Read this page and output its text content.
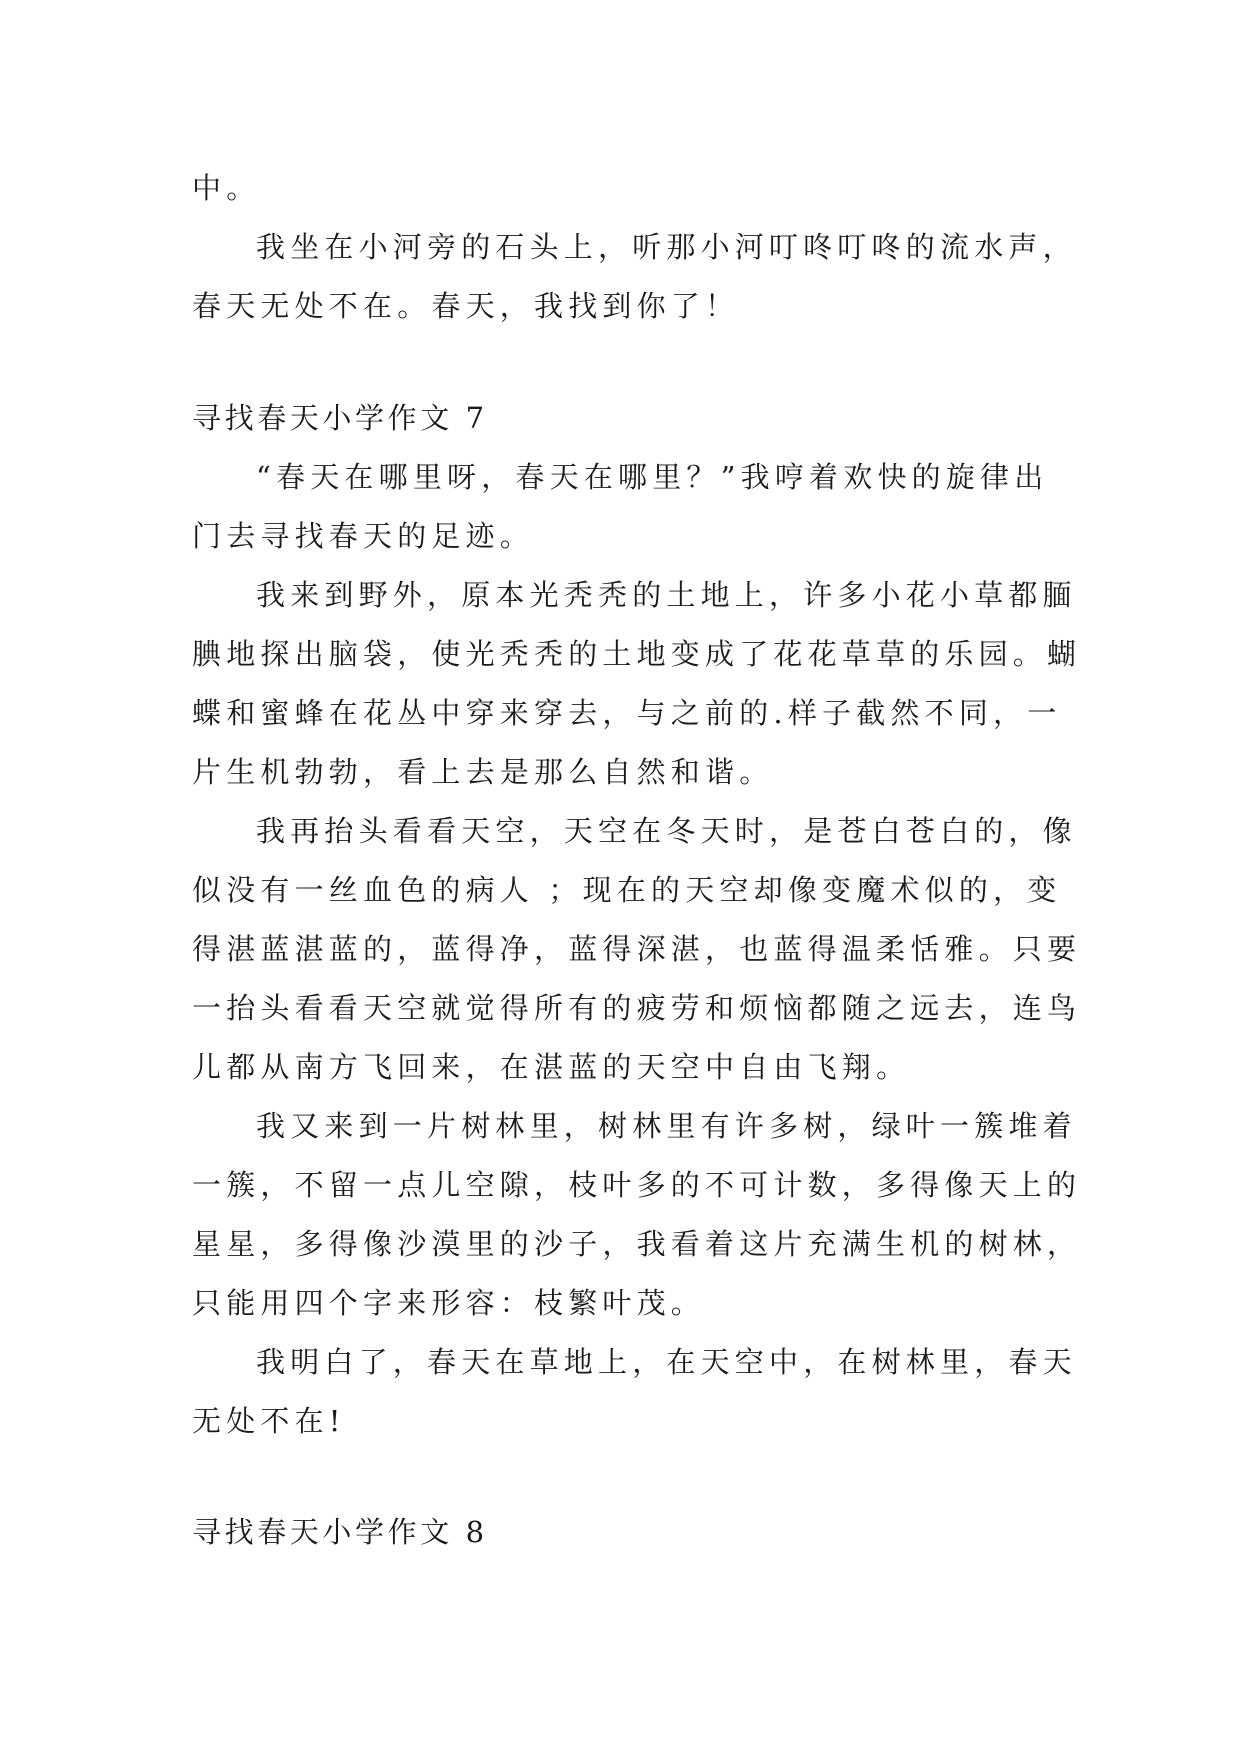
中。
我坐在小河旁的石头上，听那小河叮咚叮咚的流水声，
春天无处不在。春天，我找到你了！
寻找春天小学作文 7
“春天在哪里呀，春天在哪里？”我哼着欢快的旋律出
门去寻找春天的足迹。
我来到野外，原本光秃秃的土地上，许多小花小草都腼
腆地探出脑袋，使光秃秃的土地变成了花花草草的乐园。蝴
蝶和蜜蜂在花丛中穿来穿去，与之前的.样子截然不同，一
片生机勃勃，看上去是那么自然和谐。
我再抬头看看天空，天空在冬天时，是苍白苍白的，像
似没有一丝血色的病人 ；现在的天空却像变魔术似的，变
得湛蓝湛蓝的，蓝得净，蓝得深湛，也蓝得温柔恬雅。只要
一抬头看看天空就觉得所有的疲劳和烦恼都随之远去，连鸟
儿都从南方飞回来，在湛蓝的天空中自由飞翔。
我又来到一片树林里，树林里有许多树，绿叶一簇堆着
一簇，不留一点儿空隙，枝叶多的不可计数，多得像天上的
星星，多得像沙漠里的沙子，我看着这片充满生机的树林，
只能用四个字来形容：枝繁叶茂。
我明白了，春天在草地上，在天空中，在树林里，春天
无处不在!
寻找春天小学作文 8
